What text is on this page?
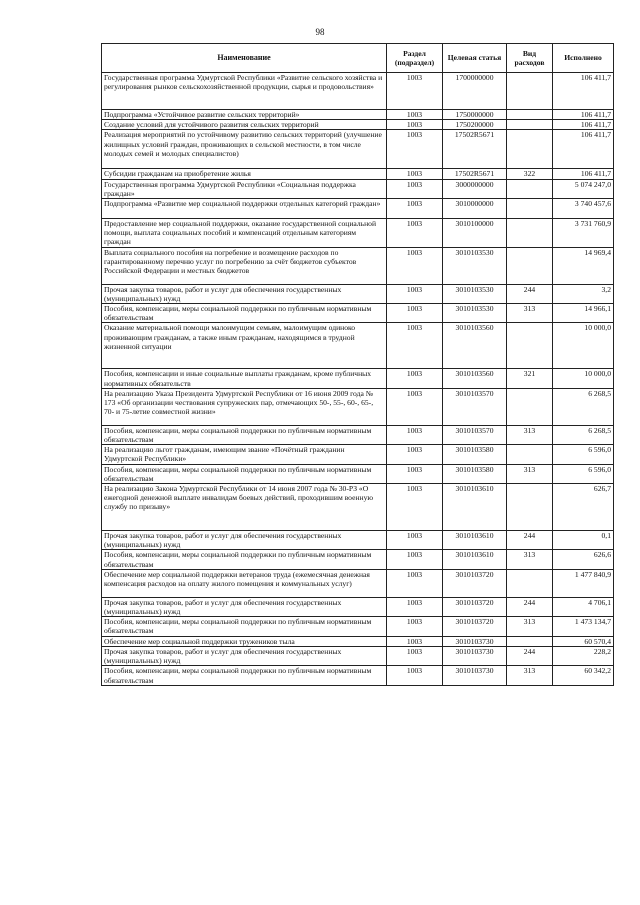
98
Наименование	Раздел (подраздел)	Целевая статья	Вид расходов	Исполнено
Государственная программа Удмуртской Республики «Развитие сельского хозяйства и регулирования рынков сельскохозяйственной продукции, сырья и продовольствия»	1003	1700000000		106 411,7
Подпрограмма «Устойчивое развитие сельских территорий»	1003	1750000000		106 411,7
Создание условий для устойчивого развития сельских территорий	1003	1750200000		106 411,7
Реализация мероприятий по устойчивому развитию сельских территорий (улучшение жилищных условий граждан, проживающих в сельской местности, в том числе молодых семей и молодых специалистов)	1003	17502R5671		106 411,7
Субсидии гражданам на приобретение жилья	1003	17502R5671	322	106 411,7
Государственная программа Удмуртской Республики «Социальная поддержка граждан»	1003	3000000000		5 074 247,0
Подпрограмма «Развитие мер социальной поддержки отдельных категорий граждан»	1003	3010000000		3 740 457,6
Предоставление мер социальной поддержки, оказание государственной социальной помощи, выплата социальных пособий и компенсаций отдельным категориям граждан	1003	3010100000		3 731 760,9
Выплата социального пособия на погребение и возмещение расходов по гарантированному перечню услуг по погребению за счёт бюджетов субъектов Российской Федерации и местных бюджетов	1003	3010103530		14 969,4
Прочая закупка товаров, работ и услуг для обеспечения государственных (муниципальных) нужд	1003	3010103530	244	3,2
Пособия, компенсации, меры социальной поддержки по публичным нормативным обязательствам	1003	3010103530	313	14 966,1
Оказание материальной помощи малоимущим семьям, малоимущим одиноко проживающим гражданам, а также иным гражданам, находящимся в трудной жизненной ситуации	1003	3010103560		10 000,0
Пособия, компенсации и иные социальные выплаты гражданам, кроме публичных нормативных обязательств	1003	3010103560	321	10 000,0
На реализацию Указа Президента Удмуртской Республики от 16 июня 2009 года № 173 «Об организации чествования супружеских пар, отмечающих 50-, 55-, 60-, 65-, 70- и 75-летие совместной жизни»	1003	3010103570		6 268,5
Пособия, компенсации, меры социальной поддержки по публичным нормативным обязательствам	1003	3010103570	313	6 268,5
На реализацию льгот гражданам, имеющим звание «Почётный гражданин Удмуртской Республики»	1003	3010103580		6 596,0
Пособия, компенсации, меры социальной поддержки по публичным нормативным обязательствам	1003	3010103580	313	6 596,0
На реализацию Закона Удмуртской Республики от 14 июня 2007 года № 30-РЗ «О ежегодной денежной выплате инвалидам боевых действий, проходившим военную службу по призыву»	1003	3010103610		626,7
Прочая закупка товаров, работ и услуг для обеспечения государственных (муниципальных) нужд	1003	3010103610	244	0,1
Пособия, компенсации, меры социальной поддержки по публичным нормативным обязательствам	1003	3010103610	313	626,6
Обеспечение мер социальной поддержки ветеранов труда (ежемесячная денежная компенсация расходов на оплату жилого помещения и коммунальных услуг)	1003	3010103720		1 477 840,9
Прочая закупка товаров, работ и услуг для обеспечения государственных (муниципальных) нужд	1003	3010103720	244	4 706,1
Пособия, компенсации, меры социальной поддержки по публичным нормативным обязательствам	1003	3010103720	313	1 473 134,7
Обеспечение мер социальной поддержки тружеников тыла	1003	3010103730		60 570,4
Прочая закупка товаров, работ и услуг для обеспечения государственных (муниципальных) нужд	1003	3010103730	244	228,2
Пособия, компенсации, меры социальной поддержки по публичным нормативным обязательствам	1003	3010103730	313	60 342,2
